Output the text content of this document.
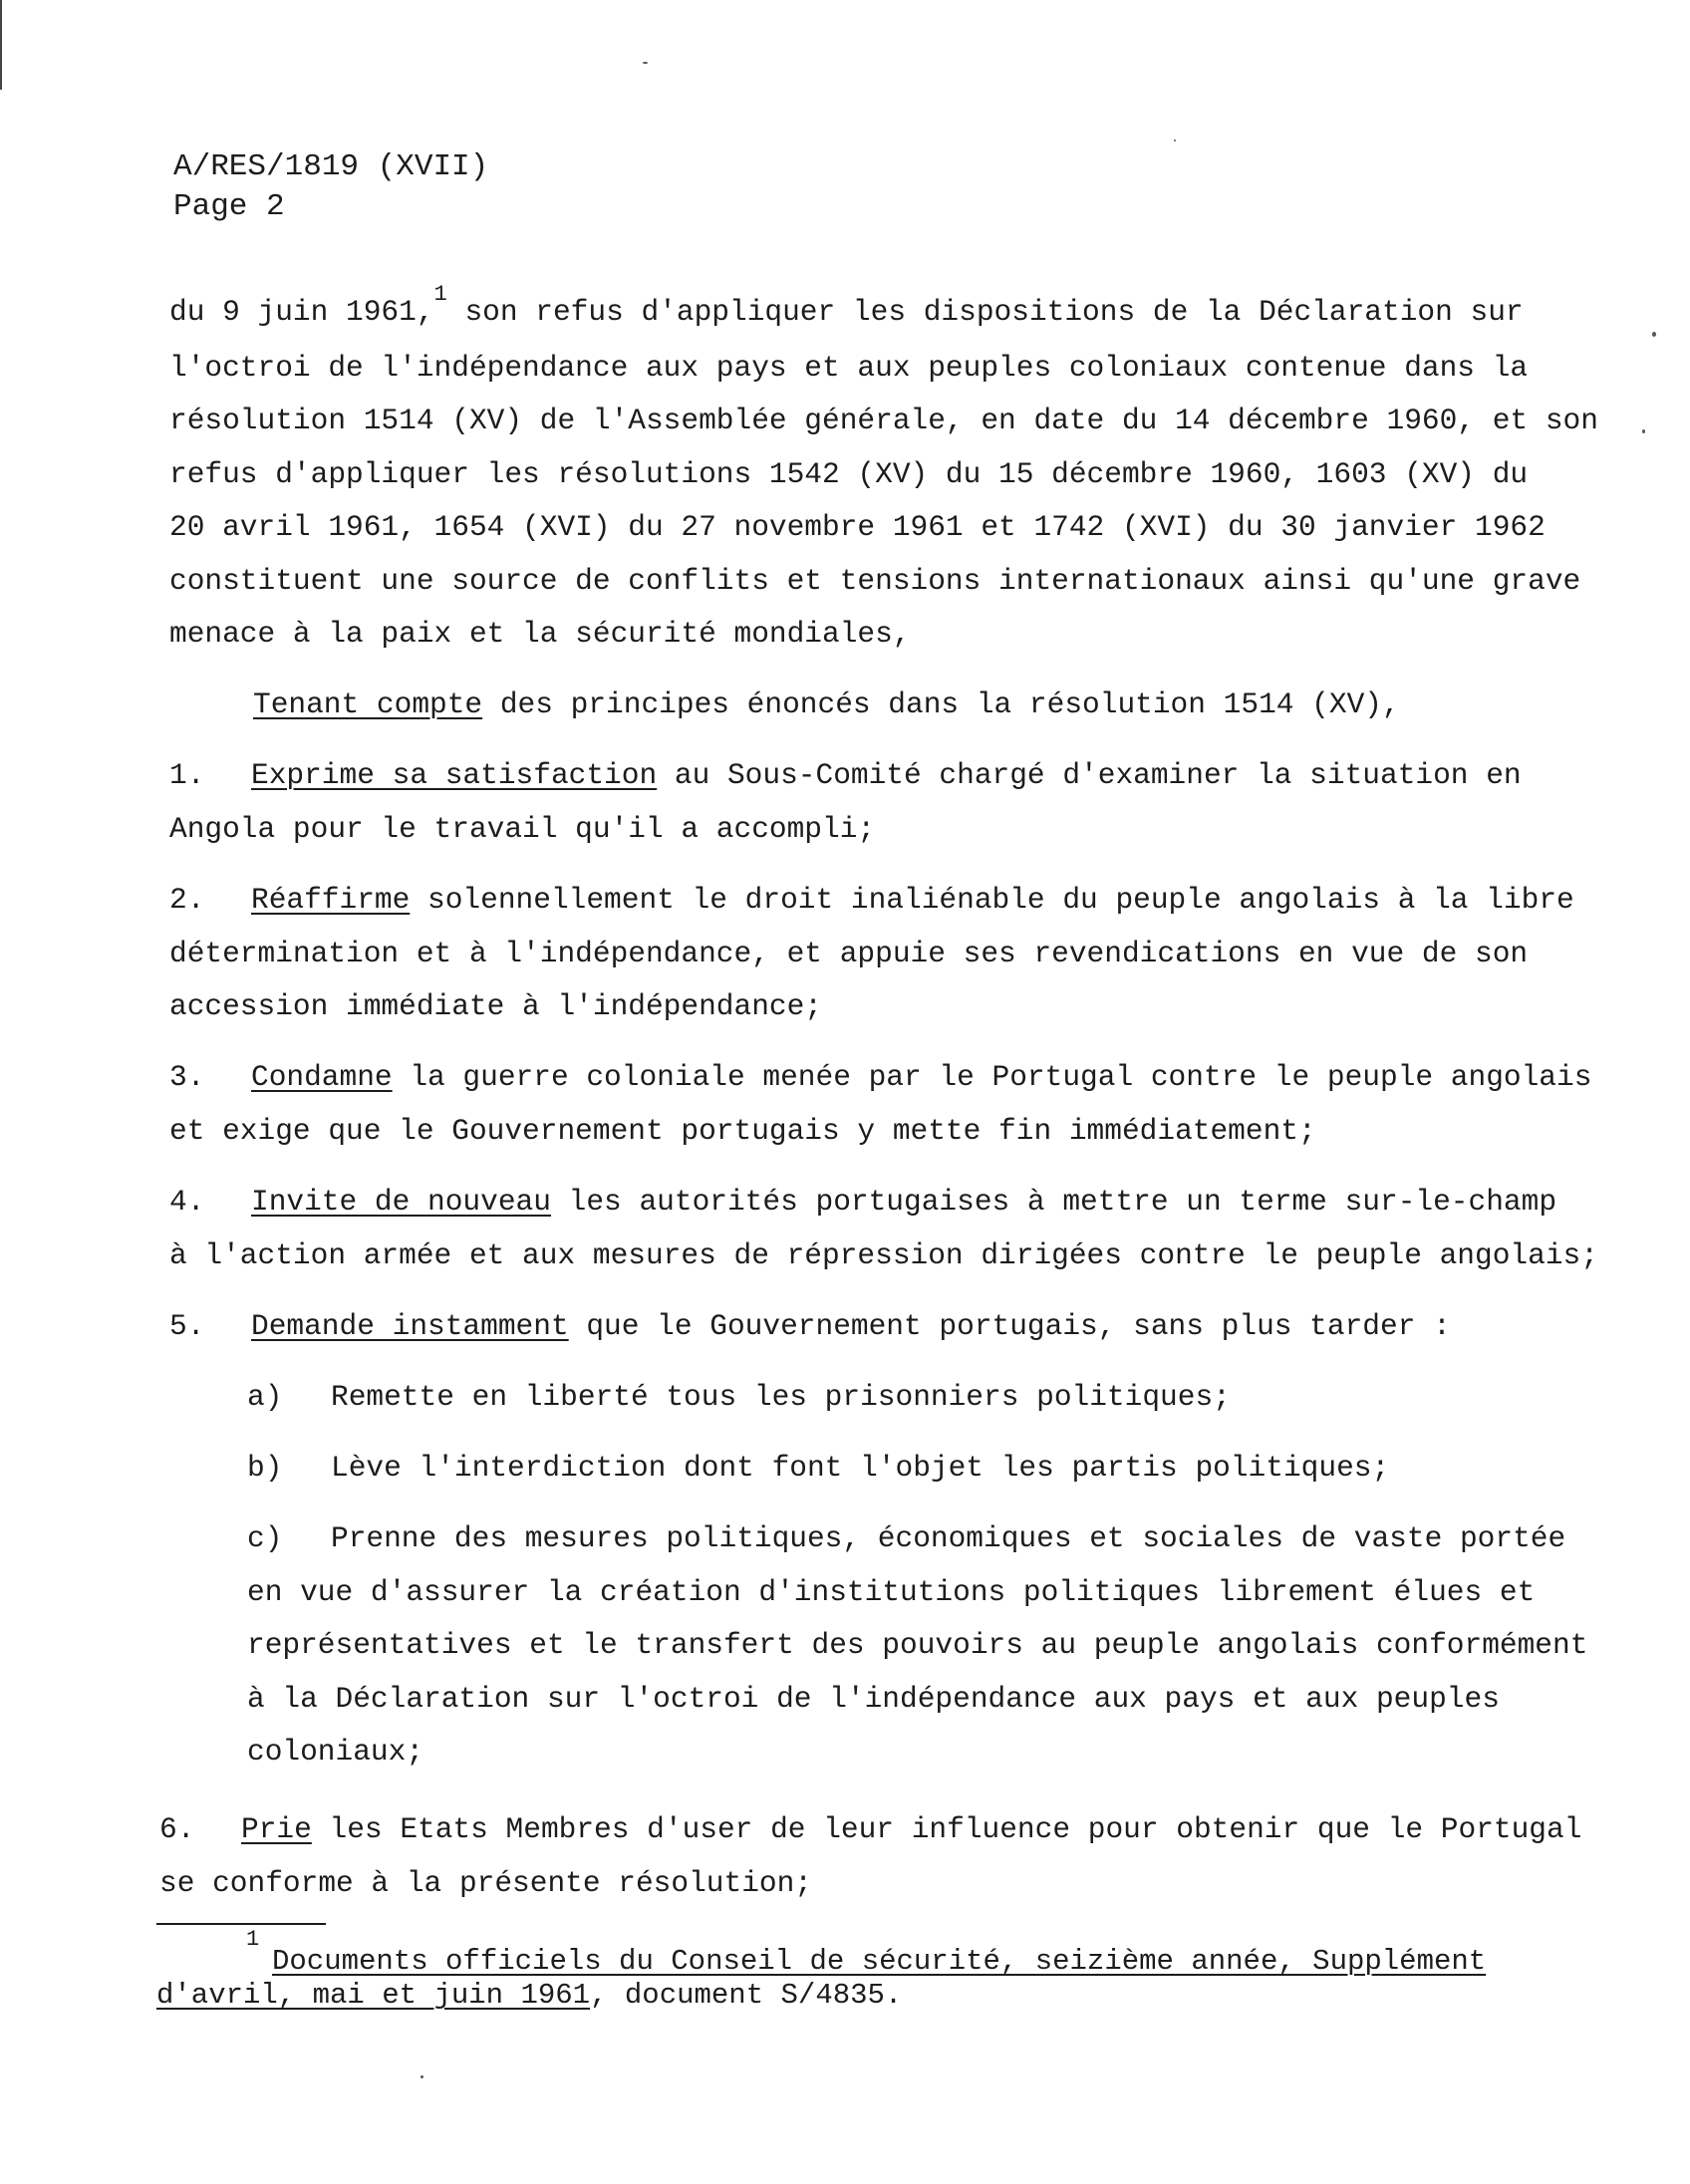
A/RES/1819 (XVII)
Page 2
du 9 juin 1961,$^1$ son refus d'appliquer les dispositions de la Déclaration sur
l'octroi de l'indépendance aux pays et aux peuples coloniaux contenue dans la
résolution 1514 (XV) de l'Assemblée générale, en date du 14 décembre 1960, et son
refus d'appliquer les résolutions 1542 (XV) du 15 décembre 1960, 1603 (XV) du
20 avril 1961, 1654 (XVI) du 27 novembre 1961 et 1742 (XVI) du 30 janvier 1962
constituent une source de conflits et tensions internationaux ainsi qu'une grave
menace à la paix et la sécurité mondiales,
Tenant compte des principes énoncés dans la résolution 1514 (XV),
1. Exprime sa satisfaction au Sous-Comité chargé d'examiner la situation en
Angola pour le travail qu'il a accompli;
2. Réaffirme solennellement le droit inaliénable du peuple angolais à la libre
détermination et à l'indépendance, et appuie ses revendications en vue de son
accession immédiate à l'indépendance;
3. Condamne la guerre coloniale menée par le Portugal contre le peuple angolais
et exige que le Gouvernement portugais y mette fin immédiatement;
4. Invite de nouveau les autorités portugaises à mettre un terme sur-le-champ
à l'action armée et aux mesures de répression dirigées contre le peuple angolais;
5. Demande instamment que le Gouvernement portugais, sans plus tarder :
a) Remette en liberté tous les prisonniers politiques;
b) Lève l'interdiction dont font l'objet les partis politiques;
c) Prenne des mesures politiques, économiques et sociales de vaste portée
en vue d'assurer la création d'institutions politiques librement élues et
représentatives et le transfert des pouvoirs au peuple angolais conformément
à la Déclaration sur l'octroi de l'indépendance aux pays et aux peuples
coloniaux;
6. Prie les Etats Membres d'user de leur influence pour obtenir que le Portugal
se conforme à la présente résolution;
1
Documents officiels du Conseil de sécurité, seizième année, Supplément
d'avril, mai et juin 1961, document S/4835.
